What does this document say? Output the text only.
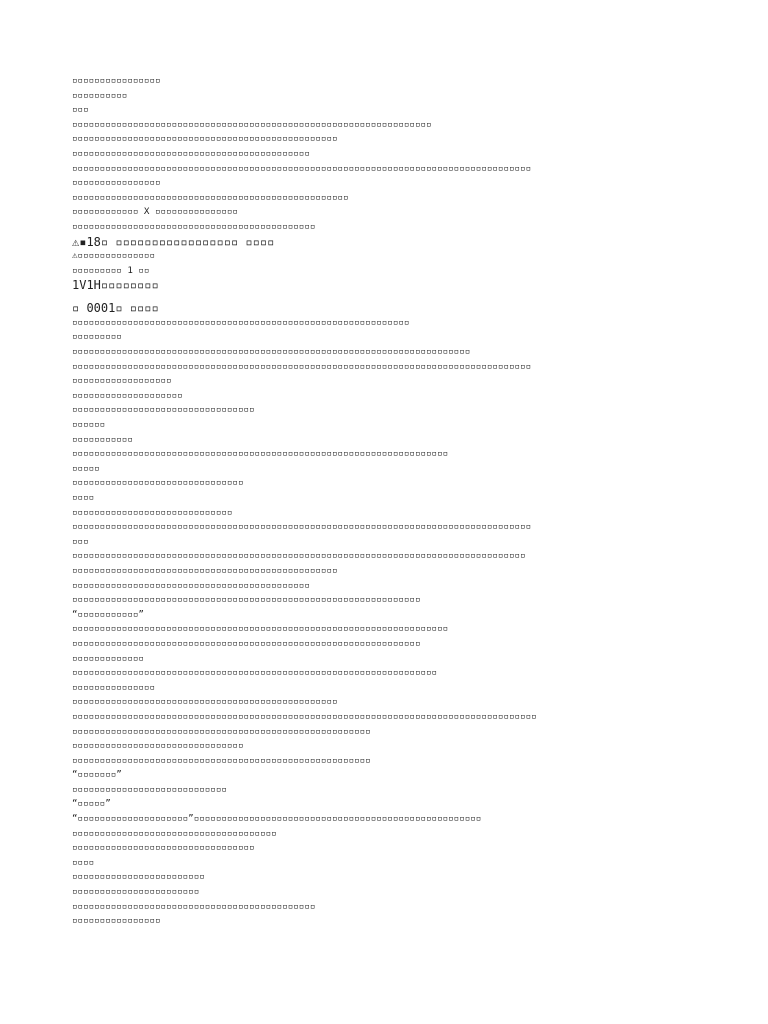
▫▫▫▫▫▫▫▫▫▫▫▫▫▫▫▫
▫▫▫▫▫▫▫▫▫▫
▫▫▫
▫▫▫▫▫▫▫▫▫▫▫▫▫▫▫▫▫▫▫▫▫▫▫▫▫▫▫▫▫▫▫▫▫▫▫▫▫▫▫▫▫▫▫▫▫▫▫▫▫▫▫▫▫▫▫▫▫▫▫▫▫▫▫▫▫
▫▫▫▫▫▫▫▫▫▫▫▫▫▫▫▫▫▫▫▫▫▫▫▫▫▫▫▫▫▫▫▫▫▫▫▫▫▫▫▫▫▫▫▫▫▫▫▫
▫▫▫▫▫▫▫▫▫▫▫▫▫▫▫▫▫▫▫▫▫▫▫▫▫▫▫▫▫▫▫▫▫▫▫▫▫▫▫▫▫▫▫
▫▫▫▫▫▫▫▫▫▫▫▫▫▫▫▫▫▫▫▫▫▫▫▫▫▫▫▫▫▫▫▫▫▫▫▫▫▫▫▫▫▫▫▫▫▫▫▫▫▫▫▫▫▫▫▫▫▫▫▫▫▫▫▫▫▫▫▫▫▫▫▫▫▫▫▫▫▫▫▫▫▫▫
▫▫▫▫▫▫▫▫▫▫▫▫▫▫▫▫
▫▫▫▫▫▫▫▫▫▫▫▫▫▫▫▫▫▫▫▫▫▫▫▫▫▫▫▫▫▫▫▫▫▫▫▫▫▫▫▫▫▫▫▫▫▫▫▫▫▫
▫▫▫▫▫▫▫▫▫▫▫▫ X ▫▫▫▫▫▫▫▫▫▫▫▫▫▫▫
▫▫▫▫▫▫▫▫▫▫▫▫▫▫▫▫▫▫▫▫▫▫▫▫▫▫▫▫▫▫▫▫▫▫▫▫▫▫▫▫▫▫▫▫
⚠▪18▫ ▫▫▫▫▫▫▫▫▫▫▫▫▫▫▫▫▫ ▫▫▫▫
⚠▫▫▫▫▫▫▫▫▫▫▫▫▫▫
▫▫▫▫▫▫▫▫▫ 1 ▫▫
1V1H▫▫▫▫▫▫▫▫
▫ 0001▫ ▫▫▫▫
▫▫▫▫▫▫▫▫▫▫▫▫▫▫▫▫▫▫▫▫▫▫▫▫▫▫▫▫▫▫▫▫▫▫▫▫▫▫▫▫▫▫▫▫▫▫▫▫▫▫▫▫▫▫▫▫▫▫▫▫▫
▫▫▫▫▫▫▫▫▫
▫▫▫▫▫▫▫▫▫▫▫▫▫▫▫▫▫▫▫▫▫▫▫▫▫▫▫▫▫▫▫▫▫▫▫▫▫▫▫▫▫▫▫▫▫▫▫▫▫▫▫▫▫▫▫▫▫▫▫▫▫▫▫▫▫▫▫▫▫▫▫▫
▫▫▫▫▫▫▫▫▫▫▫▫▫▫▫▫▫▫▫▫▫▫▫▫▫▫▫▫▫▫▫▫▫▫▫▫▫▫▫▫▫▫▫▫▫▫▫▫▫▫▫▫▫▫▫▫▫▫▫▫▫▫▫▫▫▫▫▫▫▫▫▫▫▫▫▫▫▫▫▫▫▫▫
▫▫▫▫▫▫▫▫▫▫▫▫▫▫▫▫▫▫
▫▫▫▫▫▫▫▫▫▫▫▫▫▫▫▫▫▫▫▫
▫▫▫▫▫▫▫▫▫▫▫▫▫▫▫▫▫▫▫▫▫▫▫▫▫▫▫▫▫▫▫▫▫
▫▫▫▫▫▫
▫▫▫▫▫▫▫▫▫▫▫
▫▫▫▫▫▫▫▫▫▫▫▫▫▫▫▫▫▫▫▫▫▫▫▫▫▫▫▫▫▫▫▫▫▫▫▫▫▫▫▫▫▫▫▫▫▫▫▫▫▫▫▫▫▫▫▫▫▫▫▫▫▫▫▫▫▫▫▫
▫▫▫▫▫
▫▫▫▫▫▫▫▫▫▫▫▫▫▫▫▫▫▫▫▫▫▫▫▫▫▫▫▫▫▫▫
▫▫▫▫
▫▫▫▫▫▫▫▫▫▫▫▫▫▫▫▫▫▫▫▫▫▫▫▫▫▫▫▫▫
▫▫▫▫▫▫▫▫▫▫▫▫▫▫▫▫▫▫▫▫▫▫▫▫▫▫▫▫▫▫▫▫▫▫▫▫▫▫▫▫▫▫▫▫▫▫▫▫▫▫▫▫▫▫▫▫▫▫▫▫▫▫▫▫▫▫▫▫▫▫▫▫▫▫▫▫▫▫▫▫▫▫▫
▫▫▫
▫▫▫▫▫▫▫▫▫▫▫▫▫▫▫▫▫▫▫▫▫▫▫▫▫▫▫▫▫▫▫▫▫▫▫▫▫▫▫▫▫▫▫▫▫▫▫▫▫▫▫▫▫▫▫▫▫▫▫▫▫▫▫▫▫▫▫▫▫▫▫▫▫▫▫▫▫▫▫▫▫▫
▫▫▫▫▫▫▫▫▫▫▫▫▫▫▫▫▫▫▫▫▫▫▫▫▫▫▫▫▫▫▫▫▫▫▫▫▫▫▫▫▫▫▫▫▫▫▫▫
▫▫▫▫▫▫▫▫▫▫▫▫▫▫▫▫▫▫▫▫▫▫▫▫▫▫▫▫▫▫▫▫▫▫▫▫▫▫▫▫▫▫▫
▫▫▫▫▫▫▫▫▫▫▫▫▫▫▫▫▫▫▫▫▫▫▫▫▫▫▫▫▫▫▫▫▫▫▫▫▫▫▫▫▫▫▫▫▫▫▫▫▫▫▫▫▫▫▫▫▫▫▫▫▫▫▫
“▫▫▫▫▫▫▫▫▫▫▫”
▫▫▫▫▫▫▫▫▫▫▫▫▫▫▫▫▫▫▫▫▫▫▫▫▫▫▫▫▫▫▫▫▫▫▫▫▫▫▫▫▫▫▫▫▫▫▫▫▫▫▫▫▫▫▫▫▫▫▫▫▫▫▫▫▫▫▫▫
▫▫▫▫▫▫▫▫▫▫▫▫▫▫▫▫▫▫▫▫▫▫▫▫▫▫▫▫▫▫▫▫▫▫▫▫▫▫▫▫▫▫▫▫▫▫▫▫▫▫▫▫▫▫▫▫▫▫▫▫▫▫▫
▫▫▫▫▫▫▫▫▫▫▫▫▫
▫▫▫▫▫▫▫▫▫▫▫▫▫▫▫▫▫▫▫▫▫▫▫▫▫▫▫▫▫▫▫▫▫▫▫▫▫▫▫▫▫▫▫▫▫▫▫▫▫▫▫▫▫▫▫▫▫▫▫▫▫▫▫▫▫▫
▫▫▫▫▫▫▫▫▫▫▫▫▫▫▫
▫▫▫▫▫▫▫▫▫▫▫▫▫▫▫▫▫▫▫▫▫▫▫▫▫▫▫▫▫▫▫▫▫▫▫▫▫▫▫▫▫▫▫▫▫▫▫▫
▫▫▫▫▫▫▫▫▫▫▫▫▫▫▫▫▫▫▫▫▫▫▫▫▫▫▫▫▫▫▫▫▫▫▫▫▫▫▫▫▫▫▫▫▫▫▫▫▫▫▫▫▫▫▫▫▫▫▫▫▫▫▫▫▫▫▫▫▫▫▫▫▫▫▫▫▫▫▫▫▫▫▫▫
▫▫▫▫▫▫▫▫▫▫▫▫▫▫▫▫▫▫▫▫▫▫▫▫▫▫▫▫▫▫▫▫▫▫▫▫▫▫▫▫▫▫▫▫▫▫▫▫▫▫▫▫▫▫
▫▫▫▫▫▫▫▫▫▫▫▫▫▫▫▫▫▫▫▫▫▫▫▫▫▫▫▫▫▫▫
▫▫▫▫▫▫▫▫▫▫▫▫▫▫▫▫▫▫▫▫▫▫▫▫▫▫▫▫▫▫▫▫▫▫▫▫▫▫▫▫▫▫▫▫▫▫▫▫▫▫▫▫▫▫
“▫▫▫▫▫▫▫”
▫▫▫▫▫▫▫▫▫▫▫▫▫▫▫▫▫▫▫▫▫▫▫▫▫▫▫▫
“▫▫▫▫▫”
“▫▫▫▫▫▫▫▫▫▫▫▫▫▫▫▫▫▫▫▫”▫▫▫▫▫▫▫▫▫▫▫▫▫▫▫▫▫▫▫▫▫▫▫▫▫▫▫▫▫▫▫▫▫▫▫▫▫▫▫▫▫▫▫▫▫▫▫▫▫▫▫▫
▫▫▫▫▫▫▫▫▫▫▫▫▫▫▫▫▫▫▫▫▫▫▫▫▫▫▫▫▫▫▫▫▫▫▫▫▫
▫▫▫▫▫▫▫▫▫▫▫▫▫▫▫▫▫▫▫▫▫▫▫▫▫▫▫▫▫▫▫▫▫
▫▫▫▫
▫▫▫▫▫▫▫▫▫▫▫▫▫▫▫▫▫▫▫▫▫▫▫▫
▫▫▫▫▫▫▫▫▫▫▫▫▫▫▫▫▫▫▫▫▫▫▫
▫▫▫▫▫▫▫▫▫▫▫▫▫▫▫▫▫▫▫▫▫▫▫▫▫▫▫▫▫▫▫▫▫▫▫▫▫▫▫▫▫▫▫▫
▫▫▫▫▫▫▫▫▫▫▫▫▫▫▫▫
